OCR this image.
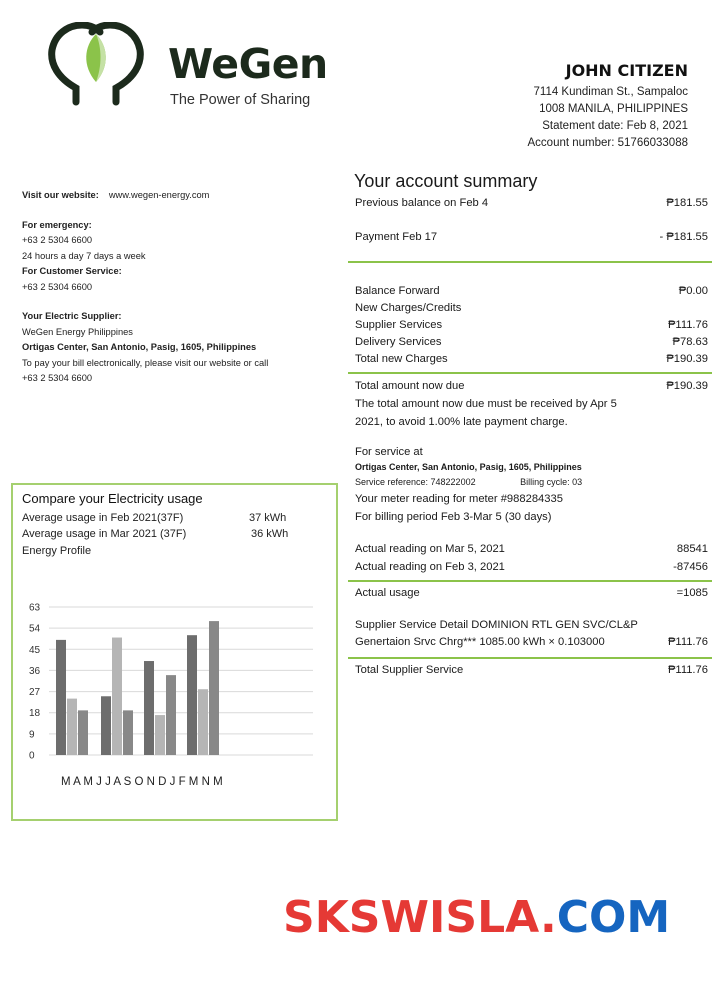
WeGen
The Power of Sharing
JOHN CITIZEN
7114 Kundiman St., Sampaloc
1008 MANILA, PHILIPPINES
Statement date: Feb 8, 2021
Account number: 51766033088
Visit our website: www.wegen-energy.com
For emergency:
+63 2 5304 6600
24 hours a day 7 days a week
For Customer Service:
+63 2 5304 6600
Your Electric Supplier:
WeGen Energy Philippines
Ortigas Center, San Antonio, Pasig, 1605, Philippines
To pay your bill electronically, please visit our website or call
+63 2 5304 6600
Your account summary
Previous balance on Feb 4	₱181.55
Payment Feb 17	- ₱181.55
Balance Forward	₱0.00
New Charges/Credits
Supplier Services	₱111.76
Delivery Services	₱78.63
Total new Charges	₱190.39
Total amount now due	₱190.39
The total amount now due must be received by Apr 5
2021, to avoid 1.00% late payment charge.
For service at
Ortigas Center, San Antonio, Pasig, 1605, Philippines
Service reference: 748222002	Billing cycle: 03
Your meter reading for meter #988284335
For billing period Feb 3-Mar 5 (30 days)
Actual reading on Mar 5, 2021	88541
Actual reading on Feb 3, 2021	-87456
Actual usage	=1085
Supplier Service Detail DOMINION RTL GEN SVC/CL&P
Genertaion Srvc Chrg*** 1085.00 kWh × 0.103000	₱111.76
Total Supplier Service	₱111.76
Compare your Electricity usage
Average usage in Feb 2021(37F)	37 kWh
Average usage in Mar 2021 (37F)	36 kWh
Energy Profile
0
9
18
27
36
45
54
63
M A M J J A S O N D J F M N M
SKSWISLA.COM
